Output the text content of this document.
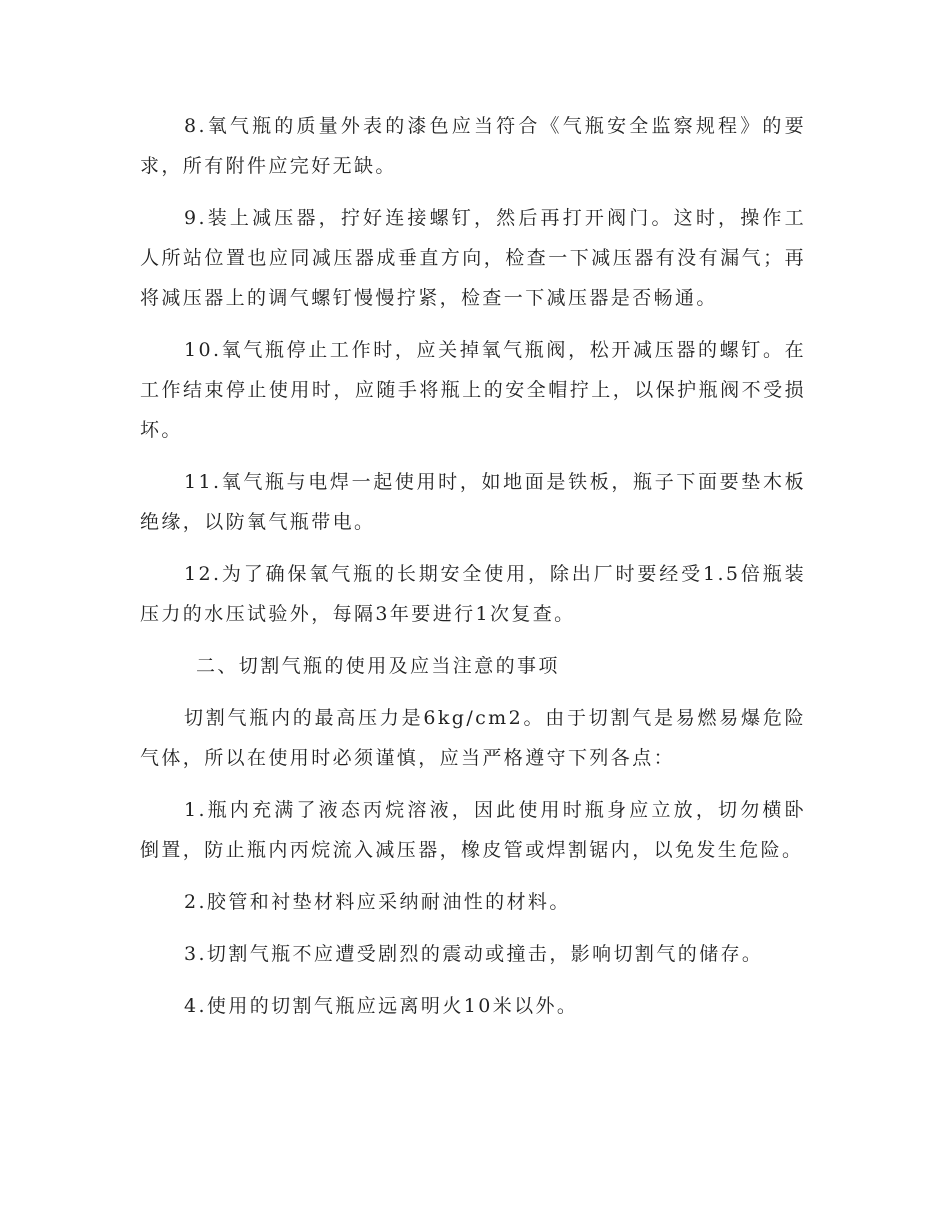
8.氧气瓶的质量外表的漆色应当符合《气瓶安全监察规程》的要求，所有附件应完好无缺。

9.装上减压器，拧好连接螺钉，然后再打开阀门。这时，操作工人所站位置也应同减压器成垂直方向，检查一下减压器有没有漏气；再将减压器上的调气螺钉慢慢拧紧，检查一下减压器是否畅通。

10.氧气瓶停止工作时，应关掉氧气瓶阀，松开减压器的螺钉。在工作结束停止使用时，应随手将瓶上的安全帽拧上，以保护瓶阀不受损坏。

11.氧气瓶与电焊一起使用时，如地面是铁板，瓶子下面要垫木板绝缘，以防氧气瓶带电。

12.为了确保氧气瓶的长期安全使用，除出厂时要经受1.5倍瓶装压力的水压试验外，每隔3年要进行1次复查。

二、切割气瓶的使用及应当注意的事项

切割气瓶内的最高压力是6kg/cm2。由于切割气是易燃易爆危险气体，所以在使用时必须谨慎，应当严格遵守下列各点：

1.瓶内充满了液态丙烷溶液，因此使用时瓶身应立放，切勿横卧倒置，防止瓶内丙烷流入减压器，橡皮管或焊割锯内，以免发生危险。

2.胶管和衬垫材料应采纳耐油性的材料。

3.切割气瓶不应遭受剧烈的震动或撞击，影响切割气的储存。

4.使用的切割气瓶应远离明火10米以外。
